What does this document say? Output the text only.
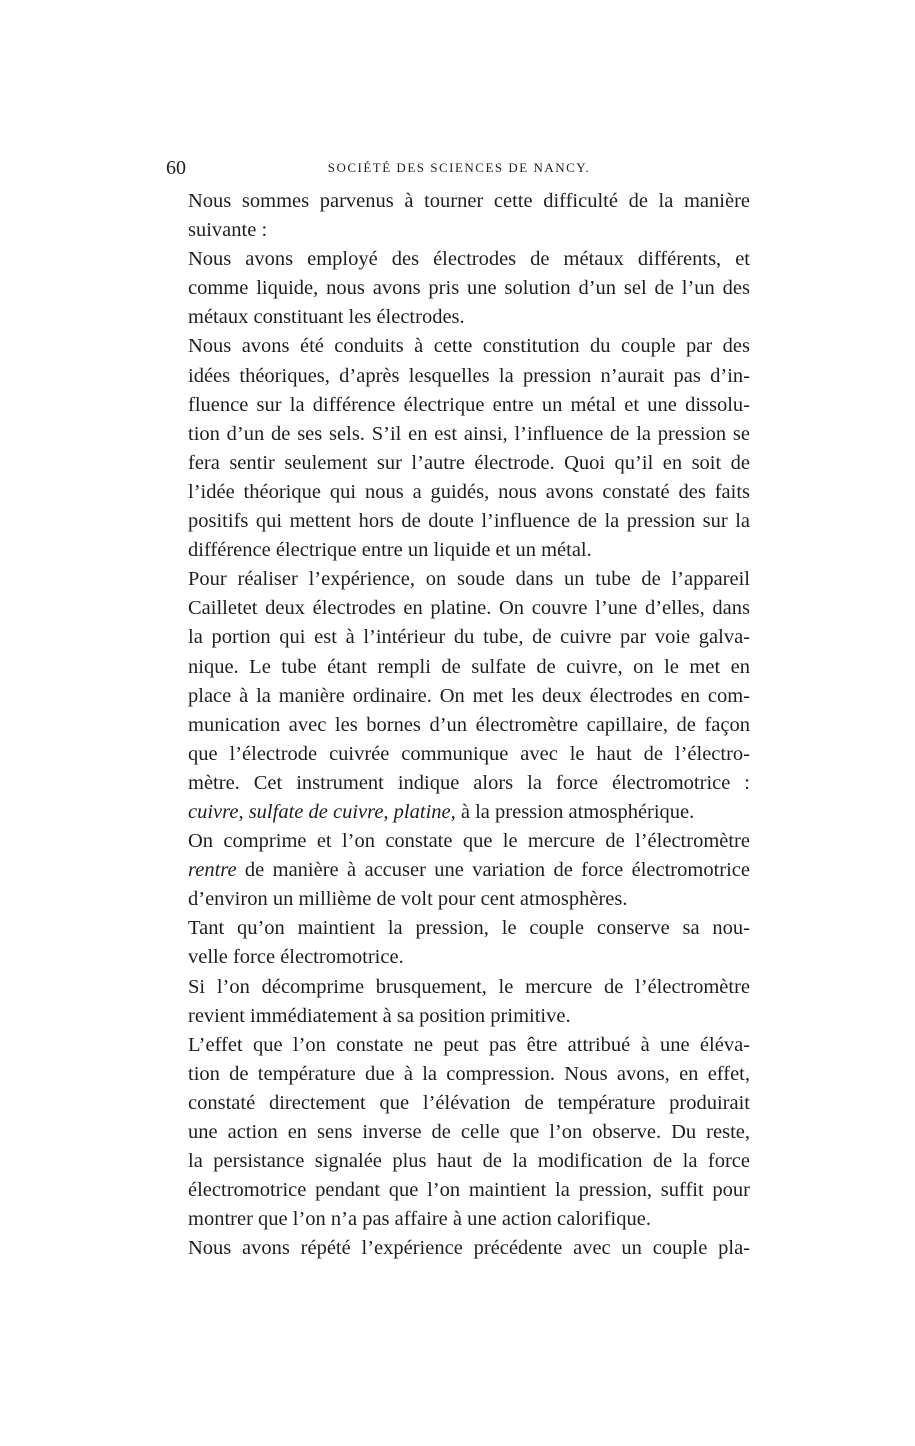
60	SOCIÉTÉ DES SCIENCES DE NANCY.

Nous sommes parvenus à tourner cette difficulté de la manière
suivante :

Nous avons employé des électrodes de métaux différents, et
comme liquide, nous avons pris une solution d’un sel de l’un des
métaux constituant les électrodes.

Nous avons été conduits à cette constitution du couple par des
idées théoriques, d’après lesquelles la pression n’aurait pas d’in-
fluence sur la différence électrique entre un métal et une dissolu-
tion d’un de ses sels. S’il en est ainsi, l’influence de la pression se
fera sentir seulement sur l’autre électrode. Quoi qu’il en soit de
l’idée théorique qui nous a guidés, nous avons constaté des faits
positifs qui mettent hors de doute l’influence de la pression sur la
différence électrique entre un liquide et un métal.

Pour réaliser l’expérience, on soude dans un tube de l’appareil
Cailletet deux électrodes en platine. On couvre l’une d’elles, dans
la portion qui est à l’intérieur du tube, de cuivre par voie galva-
nique. Le tube étant rempli de sulfate de cuivre, on le met en
place à la manière ordinaire. On met les deux électrodes en com-
munication avec les bornes d’un électromètre capillaire, de façon
que l’électrode cuivrée communique avec le haut de l’électro-
mètre. Cet instrument indique alors la force électromotrice :
cuivre, sulfate de cuivre, platine, à la pression atmosphérique.

On comprime et l’on constate que le mercure de l’électromètre
rentre de manière à accuser une variation de force électromotrice
d’environ un millième de volt pour cent atmosphères.

Tant qu’on maintient la pression, le couple conserve sa nou-
velle force électromotrice.

Si l’on décomprime brusquement, le mercure de l’électromètre
revient immédiatement à sa position primitive.

L’effet que l’on constate ne peut pas être attribué à une éléva-
tion de température due à la compression. Nous avons, en effet,
constaté directement que l’élévation de température produirait
une action en sens inverse de celle que l’on observe. Du reste,
la persistance signalée plus haut de la modification de la force
électromotrice pendant que l’on maintient la pression, suffit pour
montrer que l’on n’a pas affaire à une action calorifique.

Nous avons répété l’expérience précédente avec un couple pla-
